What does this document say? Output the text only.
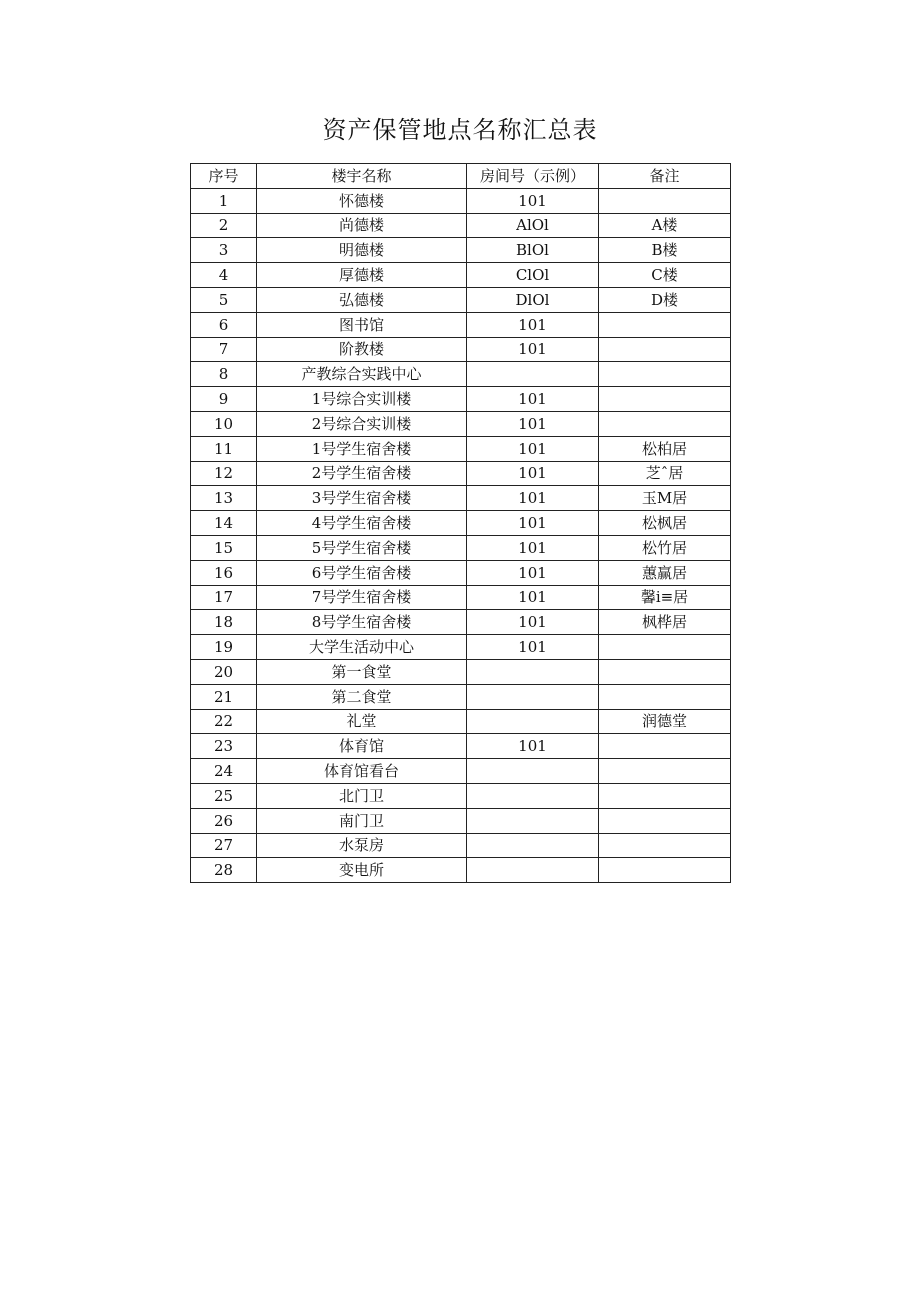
资产保管地点名称汇总表
序号	楼宇名称	房间号（示例）	备注
1	怀德楼	101	
2	尚德楼	AlOl	A楼
3	明德楼	BlOl	B楼
4	厚德楼	ClOl	C楼
5	弘德楼	DlOl	D楼
6	图书馆	101	
7	阶教楼	101	
8	产教综合实践中心		
9	1号综合实训楼	101	
10	2号综合实训楼	101	
11	1号学生宿舍楼	101	松柏居
12	2号学生宿舍楼	101	芝ˆ居
13	3号学生宿舍楼	101	玉M居
14	4号学生宿舍楼	101	松枫居
15	5号学生宿舍楼	101	松竹居
16	6号学生宿舍楼	101	蕙赢居
17	7号学生宿舍楼	101	馨i≡居
18	8号学生宿舍楼	101	枫桦居
19	大学生活动中心	101	
20	第一食堂		
21	第二食堂		
22	礼堂		润德堂
23	体育馆	101	
24	体育馆看台		
25	北门卫		
26	南门卫		
27	水泵房		
28	变电所		
